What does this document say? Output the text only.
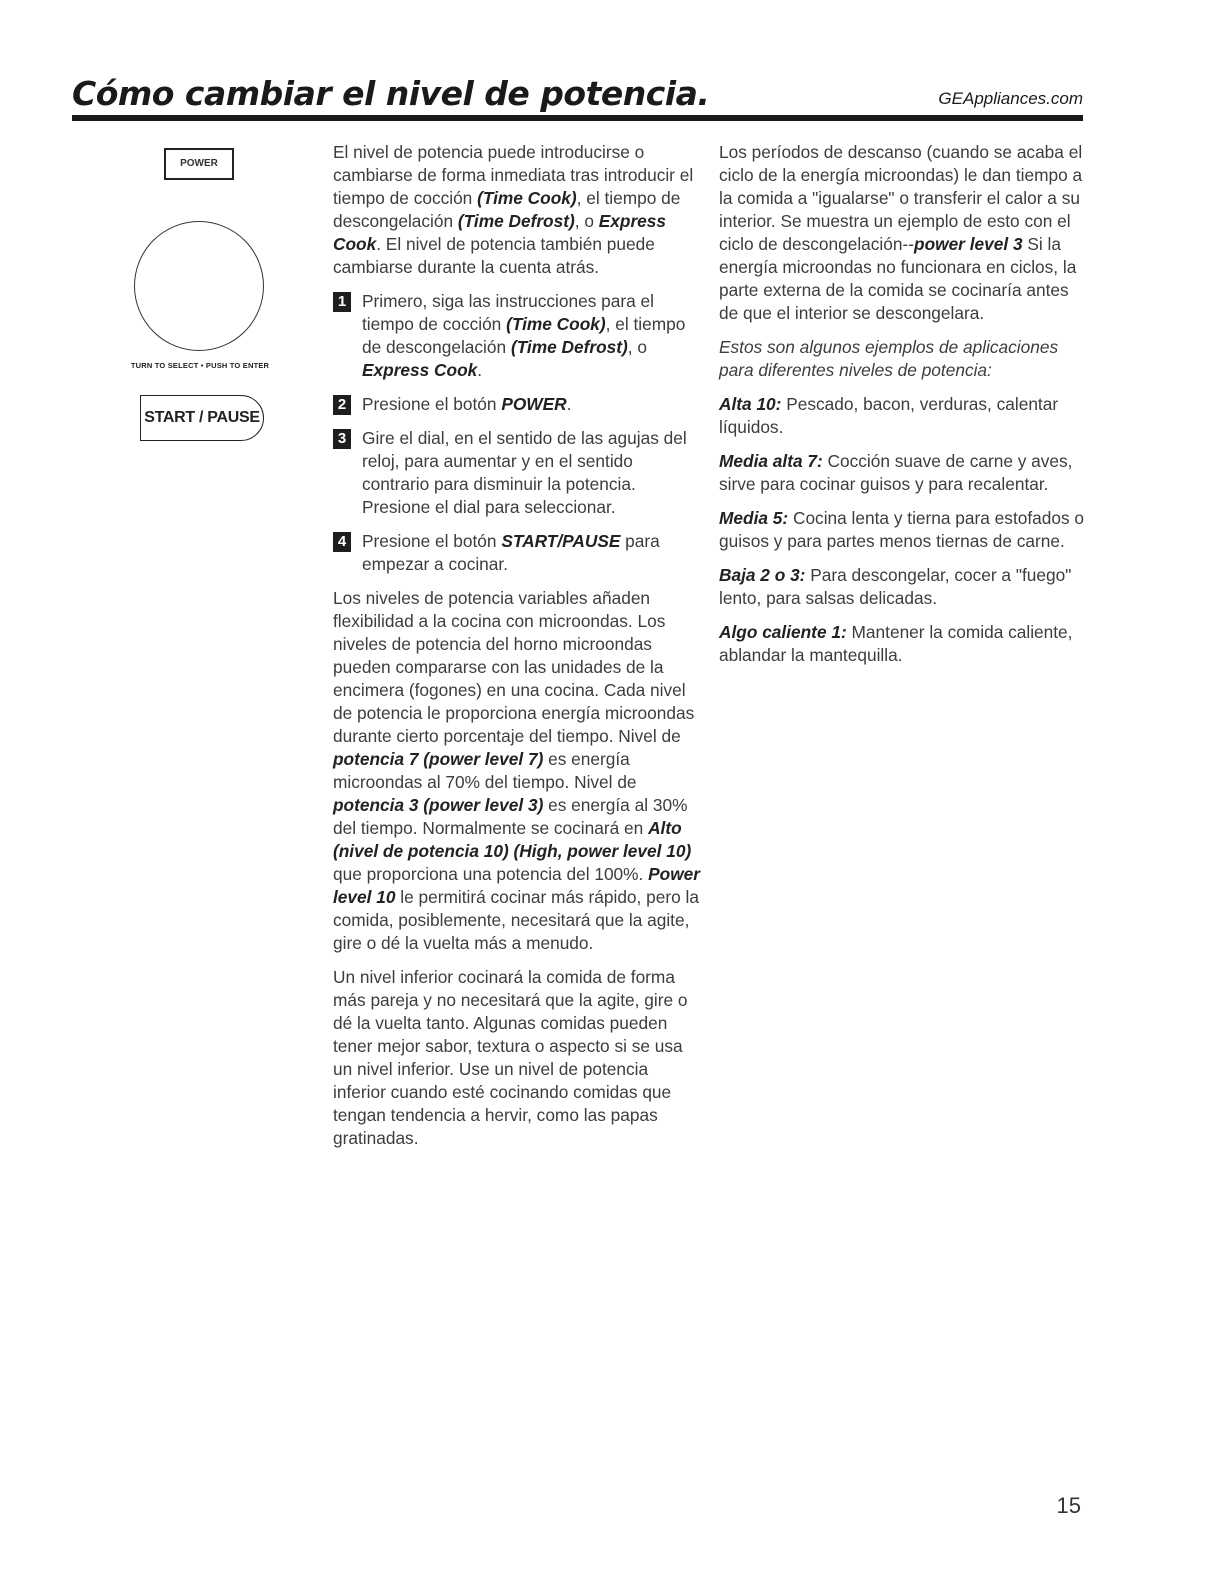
Cómo cambiar el nivel de potencia.	GEAppliances.com
POWER
TURN TO SELECT • PUSH TO ENTER
START / PAUSE

El nivel de potencia puede introducirse o cambiarse de forma inmediata tras introducir el tiempo de cocción (Time Cook), el tiempo de descongelación (Time Defrost), o Express Cook. El nivel de potencia también puede cambiarse durante la cuenta atrás.

1 Primero, siga las instrucciones para el tiempo de cocción (Time Cook), el tiempo de descongelación (Time Defrost), o Express Cook.
2 Presione el botón POWER.
3 Gire el dial, en el sentido de las agujas del reloj, para aumentar y en el sentido contrario para disminuir la potencia. Presione el dial para seleccionar.
4 Presione el botón START/PAUSE para empezar a cocinar.

Los niveles de potencia variables añaden flexibilidad a la cocina con microondas. Los niveles de potencia del horno microondas pueden compararse con las unidades de la encimera (fogones) en una cocina. Cada nivel de potencia le proporciona energía microondas durante cierto porcentaje del tiempo. Nivel de potencia 7 (power level 7) es energía microondas al 70% del tiempo. Nivel de potencia 3 (power level 3) es energía al 30% del tiempo. Normalmente se cocinará en Alto (nivel de potencia 10) (High, power level 10) que proporciona una potencia del 100%. Power level 10 le permitirá cocinar más rápido, pero la comida, posiblemente, necesitará que la agite, gire o dé la vuelta más a menudo.

Un nivel inferior cocinará la comida de forma más pareja y no necesitará que la agite, gire o dé la vuelta tanto. Algunas comidas pueden tener mejor sabor, textura o aspecto si se usa un nivel inferior. Use un nivel de potencia inferior cuando esté cocinando comidas que tengan tendencia a hervir, como las papas gratinadas.

Los períodos de descanso (cuando se acaba el ciclo de la energía microondas) le dan tiempo a la comida a "igualarse" o transferir el calor a su interior. Se muestra un ejemplo de esto con el ciclo de descongelación--power level 3 Si la energía microondas no funcionara en ciclos, la parte externa de la comida se cocinaría antes de que el interior se descongelara.

Estos son algunos ejemplos de aplicaciones para diferentes niveles de potencia:

Alta 10: Pescado, bacon, verduras, calentar líquidos.

Media alta 7: Cocción suave de carne y aves, sirve para cocinar guisos y para recalentar.

Media 5: Cocina lenta y tierna para estofados o guisos y para partes menos tiernas de carne.

Baja 2 o 3: Para descongelar, cocer a "fuego" lento, para salsas delicadas.

Algo caliente 1: Mantener la comida caliente, ablandar la mantequilla.

15
